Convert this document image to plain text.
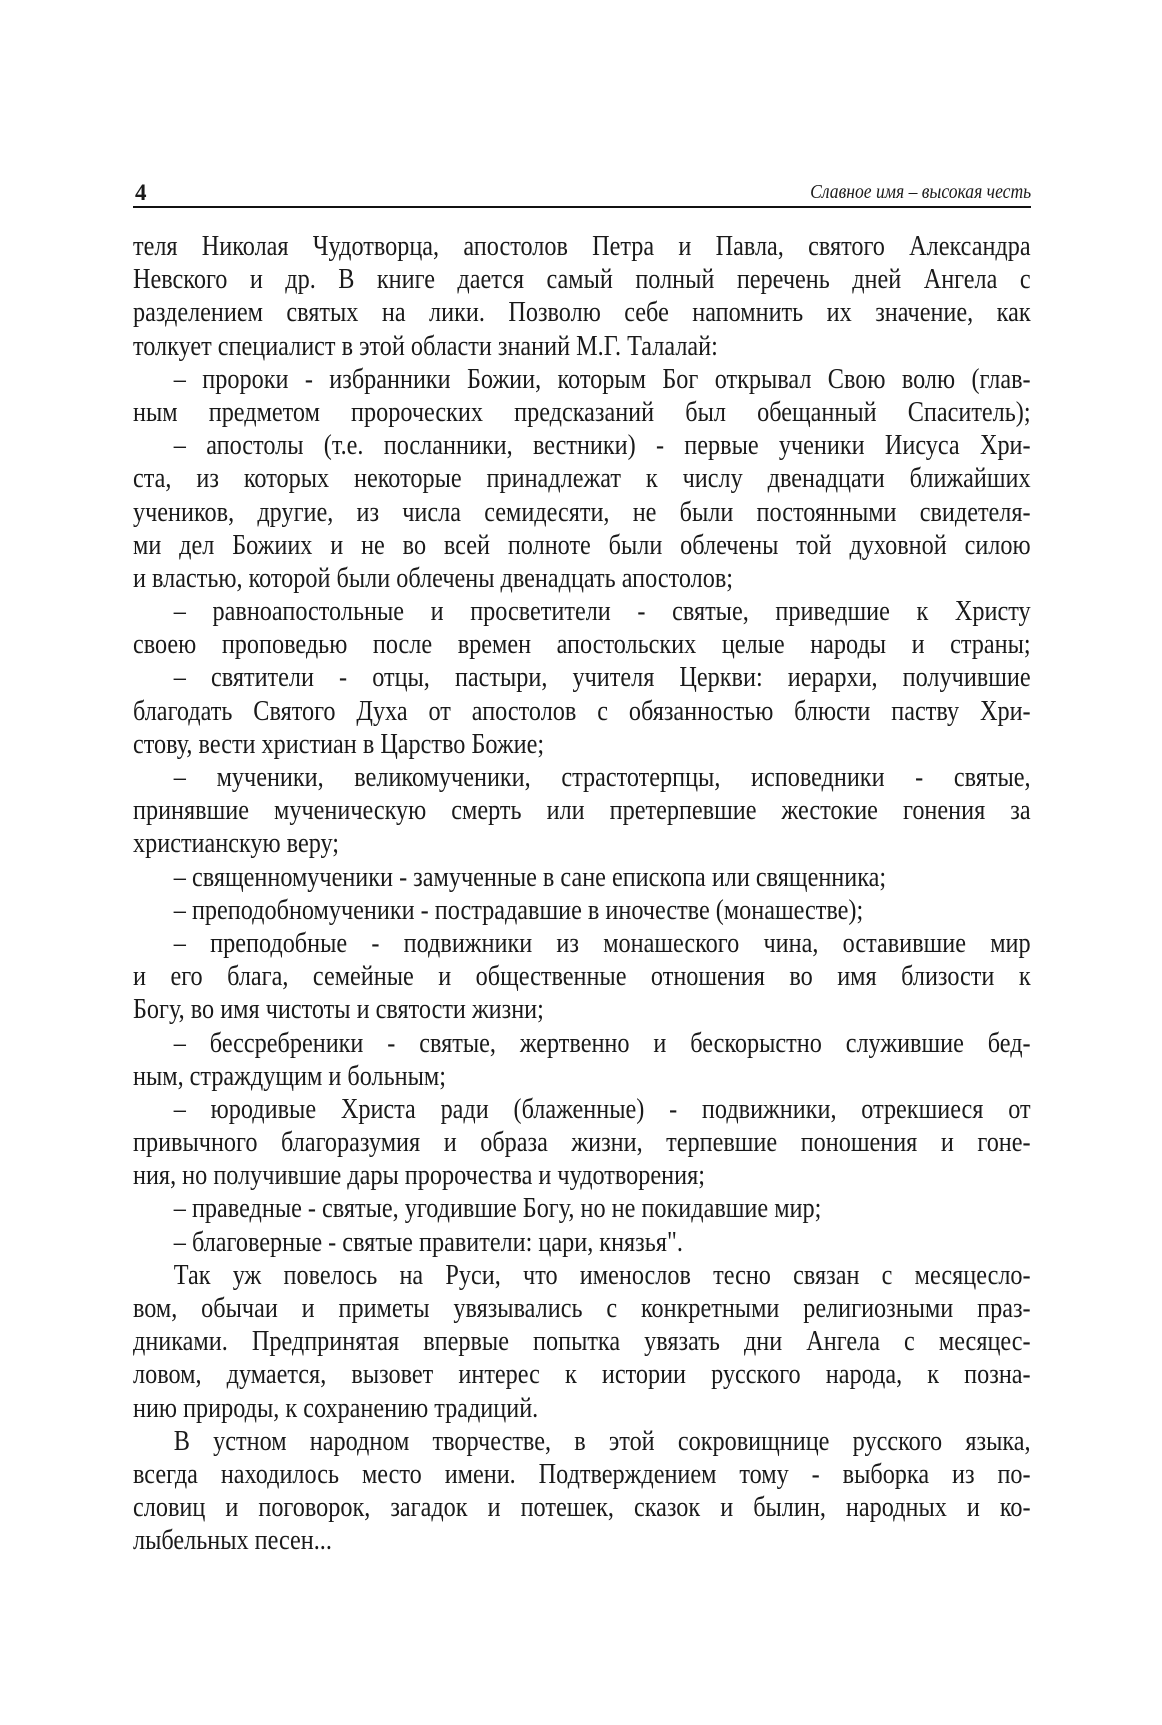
4	Славное имя – высокая честь
теля Николая Чудотворца, апостолов Петра и Павла, святого Александра
Невского и др. В книге дается самый полный перечень дней Ангела с
разделением святых на лики. Позволю себе напомнить их значение, как
толкует специалист в этой области знаний М.Г. Талалай:
– пророки - избранники Божии, которым Бог открывал Свою волю (глав-
ным предметом пророческих предсказаний был обещанный Спаситель);
– апостолы (т.е. посланники, вестники) - первые ученики Иисуса Хри-
ста, из которых некоторые принадлежат к числу двенадцати ближайших
учеников, другие, из числа семидесяти, не были постоянными свидетеля-
ми дел Божиих и не во всей полноте были облечены той духовной силою
и властью, которой были облечены двенадцать апостолов;
– равноапостольные и просветители - святые, приведшие к Христу
своею проповедью после времен апостольских целые народы и страны;
– святители - отцы, пастыри, учителя Церкви: иерархи, получившие
благодать Святого Духа от апостолов с обязанностью блюсти паству Хри-
стову, вести христиан в Царство Божие;
– мученики, великомученики, страстотерпцы, исповедники - святые,
принявшие мученическую смерть или претерпевшие жестокие гонения за
христианскую веру;
– священномученики - замученные в сане епископа или священника;
– преподобномученики - пострадавшие в иночестве (монашестве);
– преподобные - подвижники из монашеского чина, оставившие мир
и его блага, семейные и общественные отношения во имя близости к
Богу, во имя чистоты и святости жизни;
– бессребреники - святые, жертвенно и бескорыстно служившие бед-
ным, страждущим и больным;
– юродивые Христа ради (блаженные) - подвижники, отрекшиеся от
привычного благоразумия и образа жизни, терпевшие поношения и гоне-
ния, но получившие дары пророчества и чудотворения;
– праведные - святые, угодившие Богу, но не покидавшие мир;
– благоверные - святые правители: цари, князья".
Так уж повелось на Руси, что именослов тесно связан с месяцесло-
вом, обычаи и приметы увязывались с конкретными религиозными праз-
дниками. Предпринятая впервые попытка увязать дни Ангела с месяцес-
ловом, думается, вызовет интерес к истории русского народа, к позна-
нию природы, к сохранению традиций.
В устном народном творчестве, в этой сокровищнице русского языка,
всегда находилось место имени. Подтверждением тому - выборка из по-
словиц и поговорок, загадок и потешек, сказок и былин, народных и ко-
лыбельных песен...
